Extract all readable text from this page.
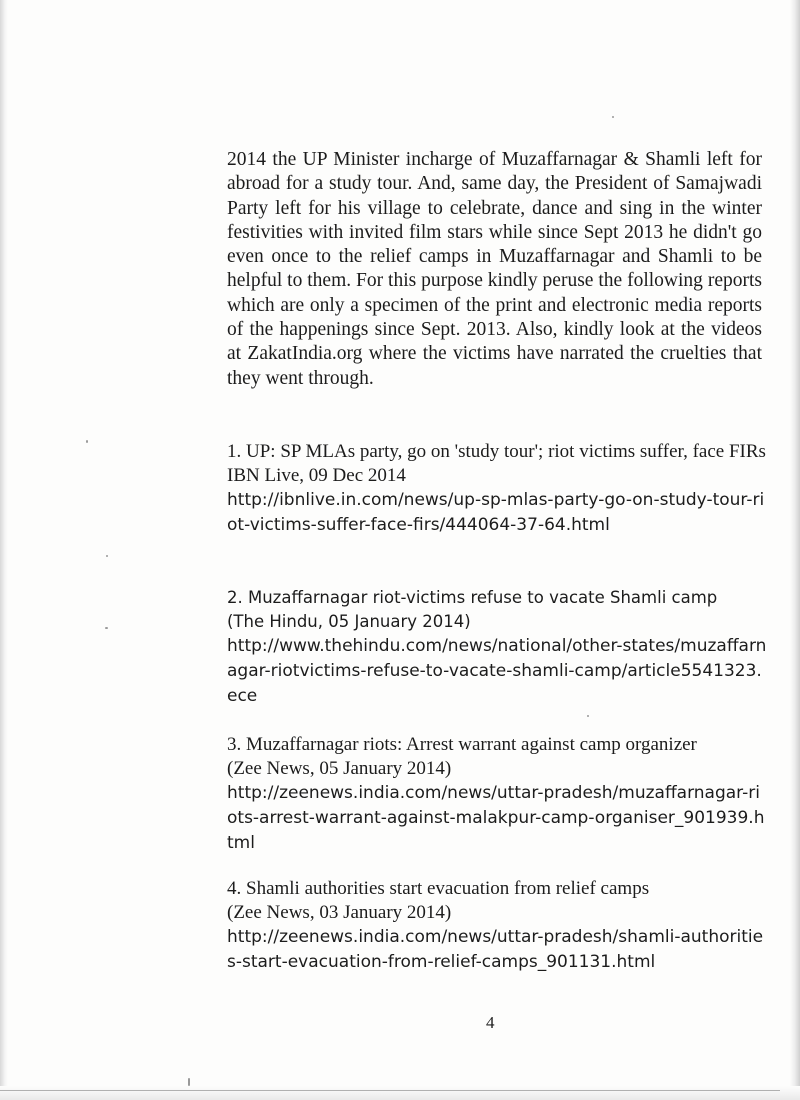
2014 the UP Minister incharge of Muzaffarnagar & Shamli left for abroad for a study tour. And, same day, the President of Samajwadi Party left for his village to celebrate, dance and sing in the winter festivities with invited film stars while since Sept 2013 he didn't go even once to the relief camps in Muzaffarnagar and Shamli to be helpful to them. For this purpose kindly peruse the following reports which are only a specimen of the print and electronic media reports of the happenings since Sept. 2013. Also, kindly look at the videos at ZakatIndia.org where the victims have narrated the cruelties that they went through.

1. UP: SP MLAs party, go on 'study tour'; riot victims suffer, face FIRs

IBN Live, 09 Dec 2014

http://ibnlive.in.com/news/up-sp-mlas-party-go-on-study-tour-riot-victims-suffer-face-firs/444064-37-64.html

2. Muzaffarnagar riot-victims refuse to vacate Shamli camp

(The Hindu, 05 January 2014)

http://www.thehindu.com/news/national/other-states/muzaffarnagar-riotvictims-refuse-to-vacate-shamli-camp/article5541323.ece

3. Muzaffarnagar riots: Arrest warrant against camp organizer

(Zee News, 05 January 2014)

http://zeenews.india.com/news/uttar-pradesh/muzaffarnagar-riots-arrest-warrant-against-malakpur-camp-organiser_901939.html

4. Shamli authorities start evacuation from relief camps

(Zee News, 03 January 2014)

http://zeenews.india.com/news/uttar-pradesh/shamli-authorities-start-evacuation-from-relief-camps_901131.html

4
